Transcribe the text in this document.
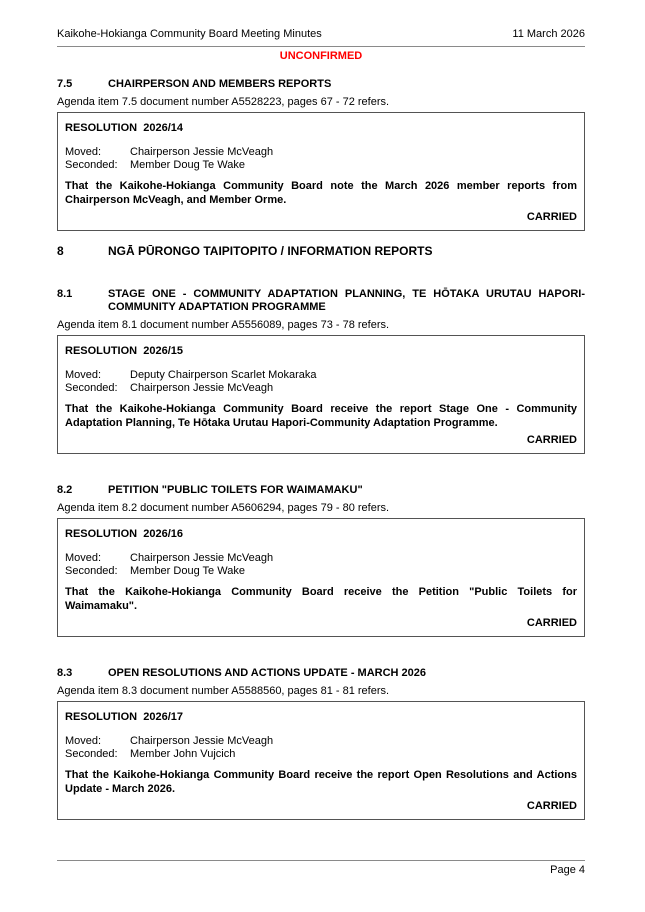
Kaikohe-Hokianga Community Board Meeting Minutes	11 March 2026
UNCONFIRMED
7.5	CHAIRPERSON AND MEMBERS REPORTS
Agenda item 7.5 document number A5528223, pages 67 - 72 refers.
RESOLUTION  2026/14
Moved:	Chairperson Jessie McVeagh
Seconded: Member Doug Te Wake
That the Kaikohe-Hokianga Community Board note the March 2026 member reports from Chairperson McVeagh, and Member Orme.
CARRIED
8	NGĀ PŪRONGO TAIPITOPITO / INFORMATION REPORTS
8.1	STAGE ONE - COMMUNITY ADAPTATION PLANNING, TE HŌTAKA URUTAU HAPORI-COMMUNITY ADAPTATION PROGRAMME
Agenda item 8.1 document number A5556089, pages 73 - 78 refers.
RESOLUTION  2026/15
Moved:	Deputy Chairperson Scarlet Mokaraka
Seconded: Chairperson Jessie McVeagh
That the Kaikohe-Hokianga Community Board receive the report Stage One - Community Adaptation Planning, Te Hōtaka Urutau Hapori-Community Adaptation Programme.
CARRIED
8.2	PETITION "PUBLIC TOILETS FOR WAIMAMAKU"
Agenda item 8.2 document number A5606294, pages 79 - 80 refers.
RESOLUTION  2026/16
Moved:	Chairperson Jessie McVeagh
Seconded: Member Doug Te Wake
That the Kaikohe-Hokianga Community Board receive the Petition "Public Toilets for Waimamaku".
CARRIED
8.3	OPEN RESOLUTIONS AND ACTIONS UPDATE - MARCH 2026
Agenda item 8.3 document number A5588560, pages 81 - 81 refers.
RESOLUTION  2026/17
Moved:	Chairperson Jessie McVeagh
Seconded: Member John Vujcich
That the Kaikohe-Hokianga Community Board receive the report Open Resolutions and Actions Update - March 2026.
CARRIED
Page 4
